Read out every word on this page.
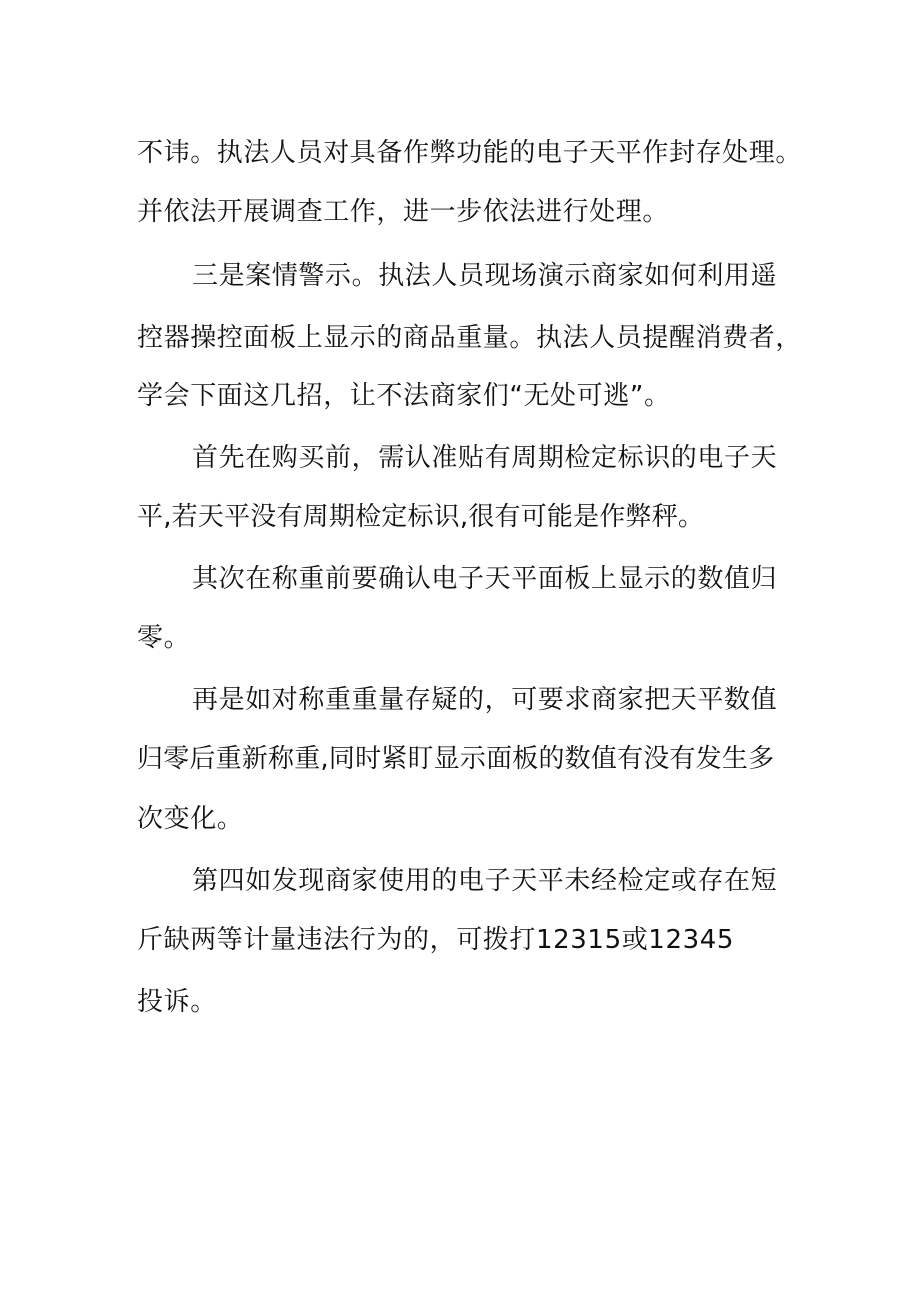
不讳。执法人员对具备作弊功能的电子天平作封存处理。
并依法开展调查工作，进一步依法进行处理。
三是案情警示。执法人员现场演示商家如何利用遥
控器操控面板上显示的商品重量。执法人员提醒消费者，
学会下面这几招，让不法商家们“无处可逃”。
首先在购买前，需认准贴有周期检定标识的电子天
平,若天平没有周期检定标识,很有可能是作弊秤。
其次在称重前要确认电子天平面板上显示的数值归
零。
再是如对称重重量存疑的，可要求商家把天平数值
归零后重新称重,同时紧盯显示面板的数值有没有发生多
次变化。
第四如发现商家使用的电子天平未经检定或存在短
斤缺两等计量违法行为的，可拨打12315或12345
投诉。
